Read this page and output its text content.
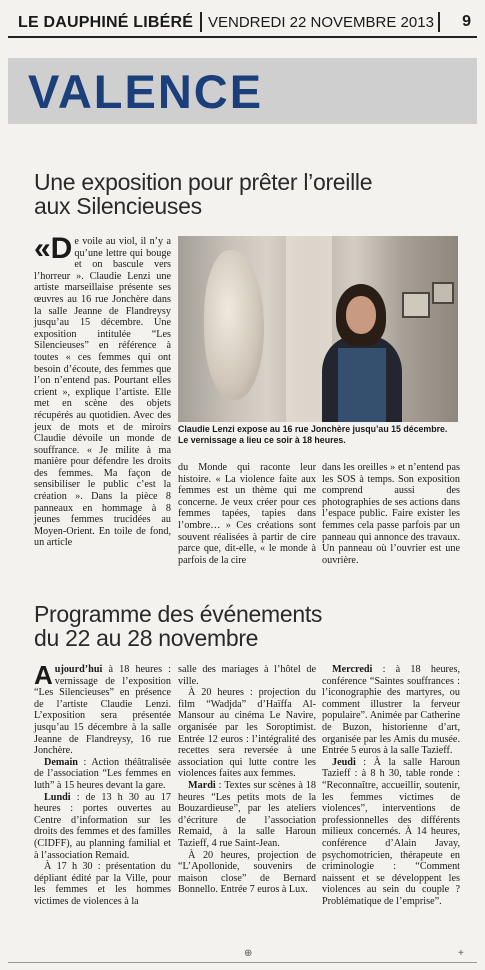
LE DAUPHINÉ LIBÉRÉ VENDREDI 22 NOVEMBRE 2013 9
VALENCE
Une exposition pour prêter l’oreille
aux Silencieuses

«De voile au viol, il n’y a qu’une lettre qui bouge et on bascule vers l’horreur ». Claudie Lenzi une artiste marseillaise présente ses œuvres au 16 rue Jonchère dans la salle Jeanne de Flandreysy jusqu’au 15 décembre. Une exposition intitulée “Les Silencieuses” en référence à toutes « ces femmes qui ont besoin d’écoute, des femmes que l’on n’entend pas. Pourtant elles crient », explique l’artiste. Elle met en scène des objets récupérés au quotidien. Avec des jeux de mots et de miroirs Claudie dévoile un monde de souffrance. « Je milite à ma manière pour défendre les droits des femmes. Ma façon de sensibiliser le public c’est la création ». Dans la pièce 8 panneaux en hommage à 8 jeunes femmes trucidées au Moyen-Orient. En toile de fond, un article

Claudie Lenzi expose au 16 rue Jonchère jusqu’au 15 décembre. Le vernissage a lieu ce soir à 18 heures.

du Monde qui raconte leur histoire. « La violence faite aux femmes est un thème qui me concerne. Je veux créer pour ces femmes tapées, tapies dans l’ombre… » Ces créations sont souvent réalisées à partir de cire parce que, dit-elle, « le monde à parfois de la cire

dans les oreilles » et n’entend pas les SOS à temps. Son exposition comprend aussi des photographies de ses actions dans l’espace public. Faire exister les femmes cela passe parfois par un panneau qui annonce des travaux. Un panneau où l’ouvrier est une ouvrière.

Programme des événements
du 22 au 28 novembre

Aujourd’hui à 18 heures : vernissage de l’exposition “Les Silencieuses” en présence de l’artiste Claudie Lenzi. L’exposition sera présentée jusqu’au 15 décembre à la salle Jeanne de Flandreysy, 16 rue Jonchère.

Demain : Action théâtralisée de l’association “Les femmes en luth” à 15 heures devant la gare.

Lundi : de 13 h 30 au 17 heures : portes ouvertes au Centre d’information sur les droits des femmes et des familles (CIDFF), au planning familial et à l’association Remaid.

À 17 h 30 : présentation du dépliant édité par la Ville, pour les femmes et les hommes victimes de violences à la

salle des mariages à l’hôtel de ville.

À 20 heures : projection du film “Wadjda” d’Haïffa Al-Mansour au cinéma Le Navire, organisée par les Soroptimist. Entrée 12 euros : l’intégralité des recettes sera reversée à une association qui lutte contre les violences faites aux femmes.

Mardi : Textes sur scènes à 18 heures “Les petits mots de la Bouzardieuse”, par les ateliers d’écriture de l’association Remaid, à la salle Haroun Tazieff, 4 rue Saint-Jean.

À 20 heures, projection de “L’Apollonide, souvenirs de maison close” de Bernard Bonnello. Entrée 7 euros à Lux.

Mercredi : à 18 heures, conférence “Saintes souffrances : l’iconographie des martyres, ou comment illustrer la ferveur populaire”. Animée par Catherine de Buzon, historienne d’art, organisée par les Amis du musée. Entrée 5 euros à la salle Tazieff.

Jeudi : À la salle Haroun Tazieff : à 8 h 30, table ronde : “Reconnaître, accueillir, soutenir, les femmes victimes de violences”, interventions de professionnelles des différents milieux concernés. À 14 heures, conférence d’Alain Javay, psychomotricien, thérapeute en criminologie : “Comment naissent et se développent les violences au sein du couple ? Problématique de l’emprise”.

⊕	+
